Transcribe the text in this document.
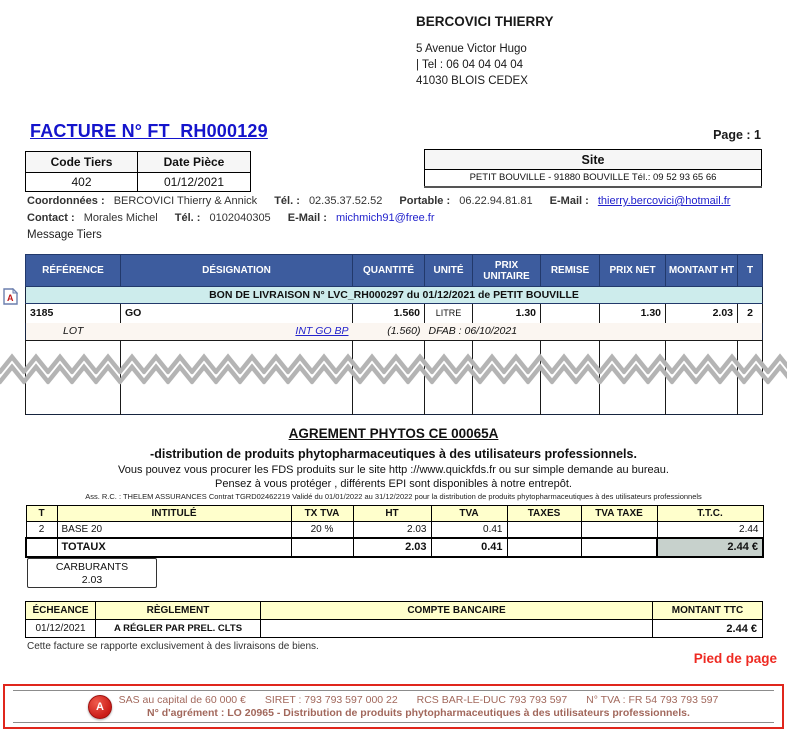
BERCOVICI THIERRY
5 Avenue Victor Hugo
| Tel : 06 04 04 04 04
41030 BLOIS CEDEX
FACTURE N° FT  RH000129	Page : 1
Code Tiers	Date Pièce
402	01/12/2021
Site
PETIT BOUVILLE - 91880 BOUVILLE Tél.: 09 52 93 65 66
Coordonnées : BERCOVICI Thierry & Annick Tél. : 02.35.37.52.52 Portable : 06.22.94.81.81 E-Mail : thierry.bercovici@hotmail.fr
Contact : Morales Michel Tél. : 0102040305 E-Mail : michmich91@free.fr
Message Tiers
A
RÉFÉRENCE	DÉSIGNATION	QUANTITÉ	UNITÉ	PRIX UNITAIRE	REMISE	PRIX NET	MONTANT HT	T
BON DE LIVRAISON N° LVC_RH000297 du 01/12/2021 de PETIT BOUVILLE								
3185	GO	1.560	LITRE	1.30		1.30	2.03	2
LOT	INT GO BP	(1.560)	DFAB : 06/10/2021					

AGREMENT PHYTOS CE 00065A
-distribution de produits phytopharmaceutiques à des utilisateurs professionnels.
Vous pouvez vous procurer les FDS produits sur le site http ://www.quickfds.fr ou sur simple demande au bureau.
Pensez à vous protéger , différents EPI sont disponibles à notre entrepôt.
Ass. R.C. : THELEM ASSURANCES Contrat TGRD02462219 Validé du 01/01/2022 au 31/12/2022 pour la distribution de produits phytopharmaceutiques à des utilisateurs professionnels
T	INTITULÉ	TX TVA	HT	TVA	TAXES	TVA TAXE	T.T.C.
2	BASE 20	20 %	2.03	0.41			2.44
	TOTAUX		2.03	0.41			2.44 €
CARBURANTS
2.03
ÉCHEANCE	RÈGLEMENT	COMPTE BANCAIRE	MONTANT TTC
01/12/2021	A RÉGLER PAR PREL. CLTS		2.44 €
Cette facture se rapporte exclusivement à des livraisons de biens.
Pied de page
A
SAS au capital de 60 000 € SIRET : 793 793 597 000 22 RCS BAR-LE-DUC 793 793 597 N° TVA : FR 54 793 793 597
N° d'agrément : LO 20965 - Distribution de produits phytopharmaceutiques à des utilisateurs professionnels.
